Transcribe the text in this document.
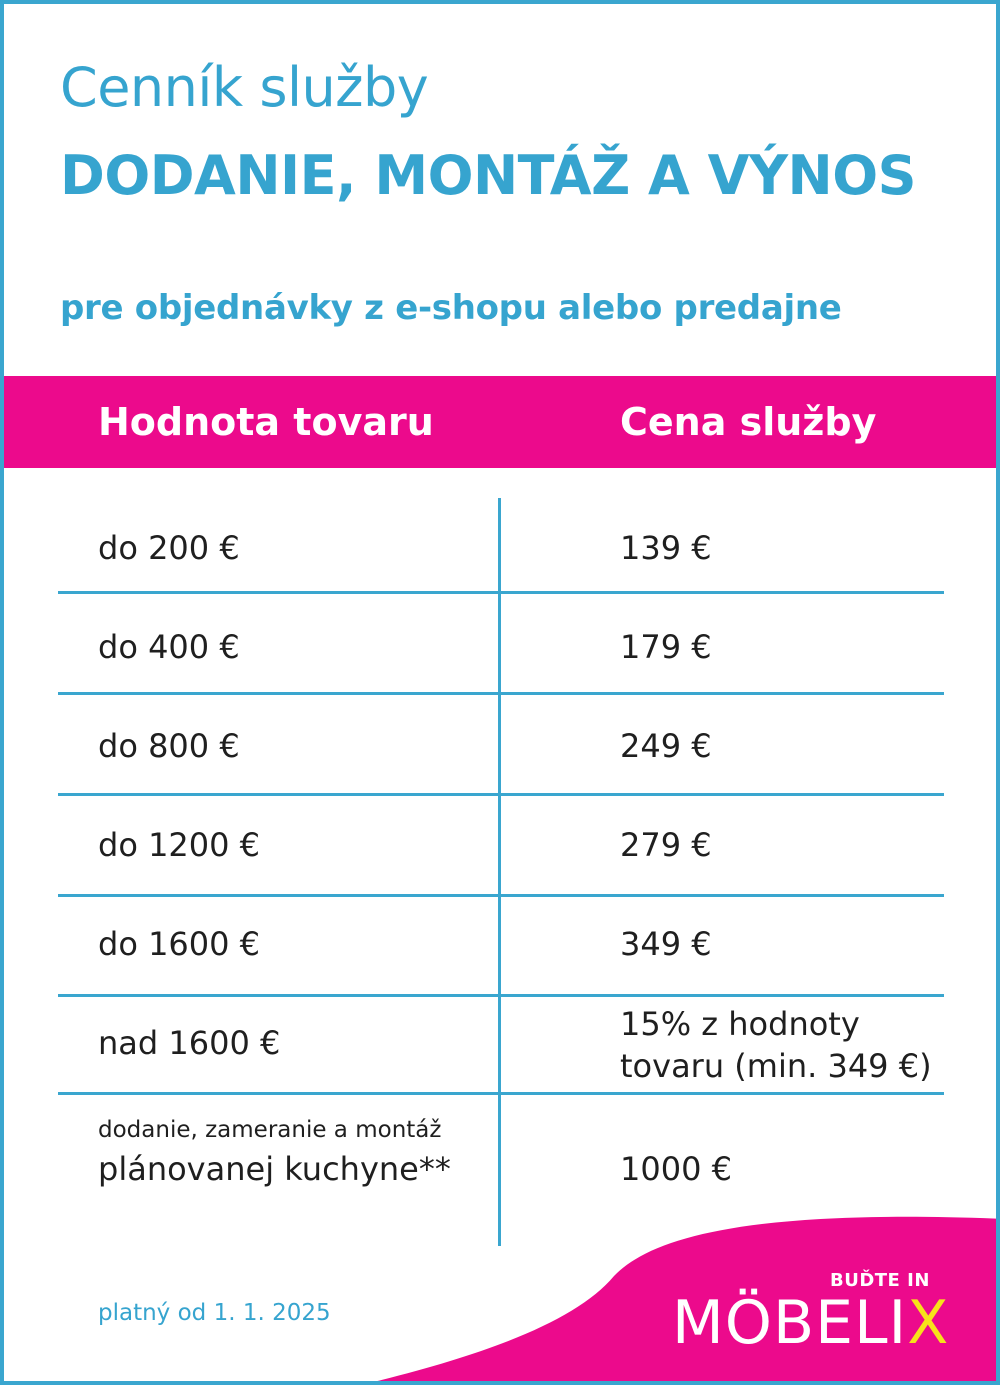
Cenník služby
DODANIE, MONTÁŽ A VÝNOS
pre objednávky z e-shopu alebo predajne
Hodnota tovaru	Cena služby
do 200 €	139 €
do 400 €	179 €
do 800 €	249 €
do 1200 €	279 €
do 1600 €	349 €
nad 1600 €	15% z hodnoty
tovaru (min. 349 €)
dodanie, zameranie a montáž
plánovanej kuchyne**	1000 €
platný od 1. 1. 2025
BUĎTE IN
MÖBELIX
